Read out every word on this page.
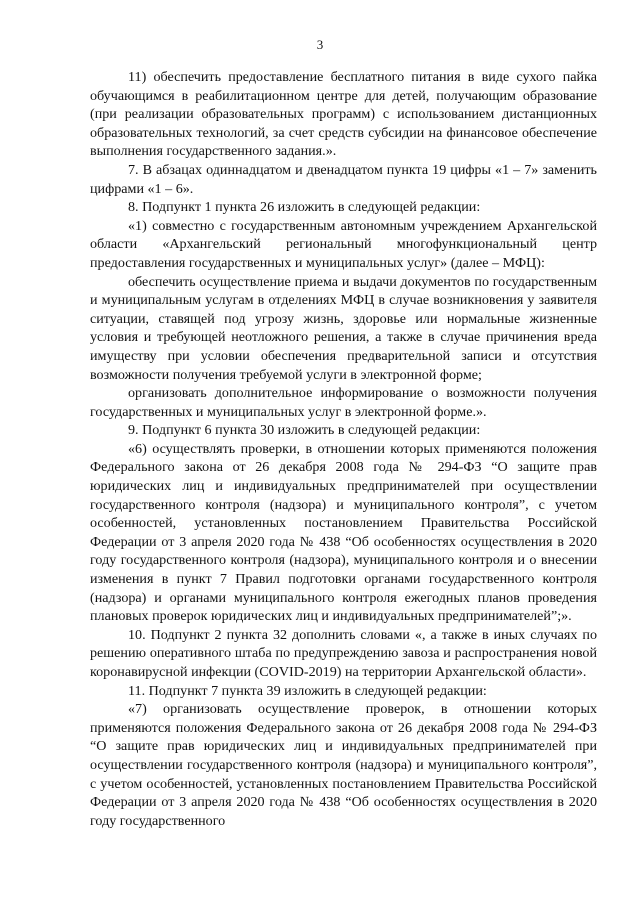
3

11) обеспечить предоставление бесплатного питания в виде сухого пайка обучающимся в реабилитационном центре для детей, получающим образование (при реализации образовательных программ) с использованием дистанционных образовательных технологий, за счет средств субсидии на финансовое обеспечение выполнения государственного задания.».

7. В абзацах одиннадцатом и двенадцатом пункта 19 цифры «1 – 7» заменить цифрами «1 – 6».

8. Подпункт 1 пункта 26 изложить в следующей редакции:

«1) совместно с государственным автономным учреждением Архангельской области «Архангельский региональный многофункциональный центр предоставления государственных и муниципальных услуг» (далее – МФЦ):

обеспечить осуществление приема и выдачи документов по государственным и муниципальным услугам в отделениях МФЦ в случае возникновения у заявителя ситуации, ставящей под угрозу жизнь, здоровье или нормальные жизненные условия и требующей неотложного решения, а также в случае причинения вреда имуществу при условии обеспечения предварительной записи и отсутствия возможности получения требуемой услуги в электронной форме;

организовать дополнительное информирование о возможности получения государственных и муниципальных услуг в электронной форме.».

9. Подпункт 6 пункта 30 изложить в следующей редакции:

«6) осуществлять проверки, в отношении которых применяются положения Федерального закона от 26 декабря 2008 года № 294-ФЗ “О защите прав юридических лиц и индивидуальных предпринимателей при осуществлении государственного контроля (надзора) и муниципального контроля”, с учетом особенностей, установленных постановлением Правительства Российской Федерации от 3 апреля 2020 года № 438 “Об особенностях осуществления в 2020 году государственного контроля (надзора), муниципального контроля и о внесении изменения в пункт 7 Правил подготовки органами государственного контроля (надзора) и органами муниципального контроля ежегодных планов проведения плановых проверок юридических лиц и индивидуальных предпринимателей”;».

10. Подпункт 2 пункта 32 дополнить словами «, а также в иных случаях по решению оперативного штаба по предупреждению завоза и распространения новой коронавирусной инфекции (COVID-2019) на территории Архангельской области».

11. Подпункт 7 пункта 39 изложить в следующей редакции:

«7) организовать осуществление проверок, в отношении которых применяются положения Федерального закона от 26 декабря 2008 года № 294-ФЗ “О защите прав юридических лиц и индивидуальных предпринимателей при осуществлении государственного контроля (надзора) и муниципального контроля”, с учетом особенностей, установленных постановлением Правительства Российской Федерации от 3 апреля 2020 года № 438 “Об особенностях осуществления в 2020 году государственного
